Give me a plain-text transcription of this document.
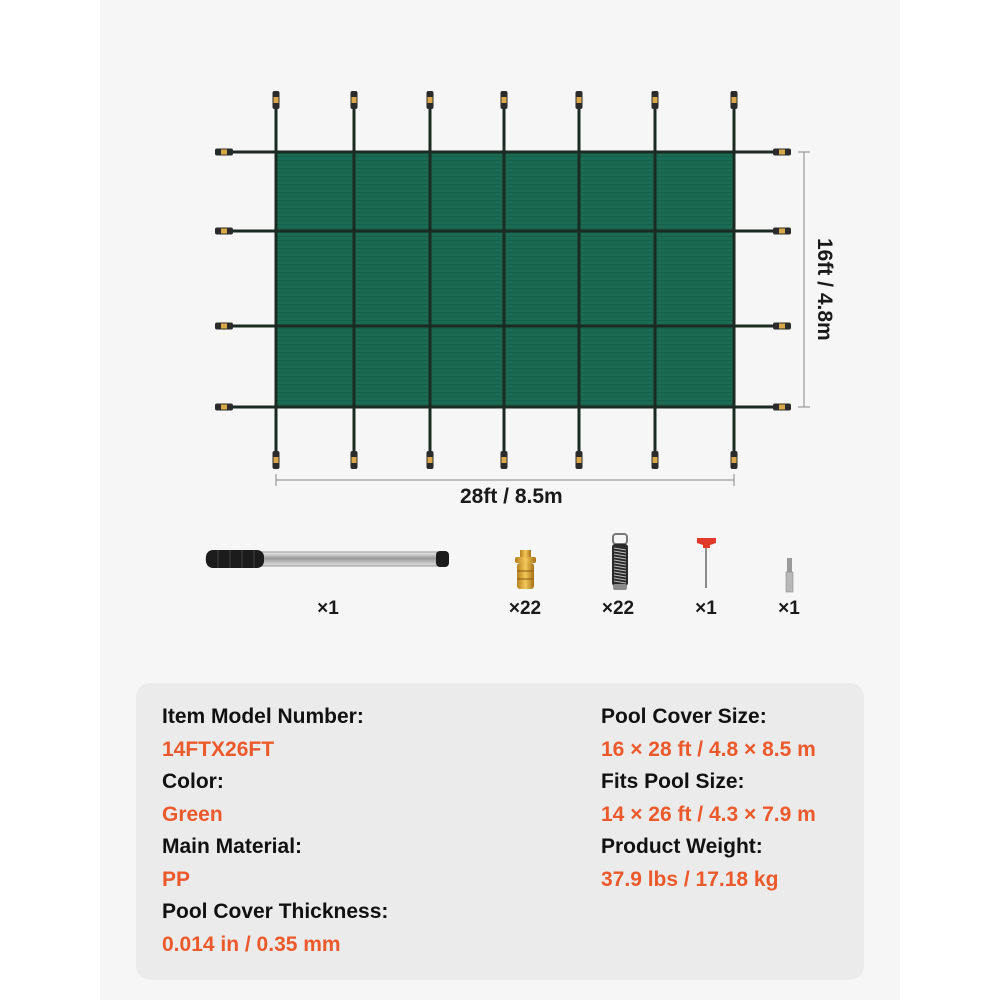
28ft / 8.5m
16ft / 4.8m
×1	×22	×22	×1	×1
Item Model Number:
14FTX26FT
Color:
Green
Main Material:
PP
Pool Cover Thickness:
0.014 in / 0.35 mm
Pool Cover Size:
16 × 28 ft / 4.8 × 8.5 m
Fits Pool Size:
14 × 26 ft / 4.3 × 7.9 m
Product Weight:
37.9 lbs / 17.18 kg
